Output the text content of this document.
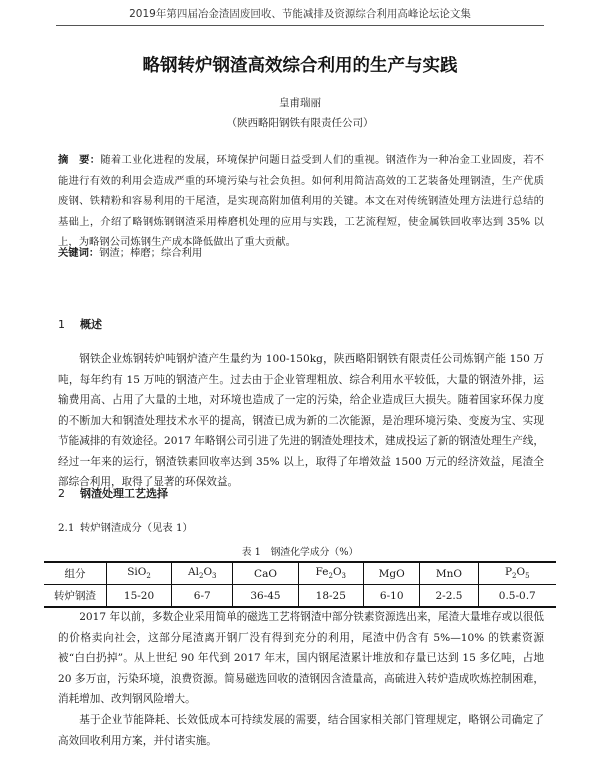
2019年第四届冶金渣固废回收、节能减排及资源综合利用高峰论坛论文集
略钢转炉钢渣高效综合利用的生产与实践
皇甫瑞丽
（陕西略阳钢铁有限责任公司）
摘　要：随着工业化进程的发展，环境保护问题日益受到人们的重视。钢渣作为一种冶金工业固废，若不能进行有效的利用会造成严重的环境污染与社会负担。如何利用简洁高效的工艺装备处理钢渣，生产优质废钢、铁精粉和容易利用的干尾渣，是实现高附加值利用的关键。本文在对传统钢渣处理方法进行总结的基础上，介绍了略钢炼钢钢渣采用棒磨机处理的应用与实践，工艺流程短，使金属铁回收率达到 35% 以上，为略钢公司炼钢生产成本降低做出了重大贡献。
关键词：钢渣；棒磨；综合利用
1 概述
钢铁企业炼钢转炉吨钢炉渣产生量约为 100-150kg，陕西略阳钢铁有限责任公司炼钢产能 150 万吨，每年约有 15 万吨的钢渣产生。过去由于企业管理粗放、综合利用水平较低，大量的钢渣外排，运输费用高、占用了大量的土地，对环境也造成了一定的污染，给企业造成巨大损失。随着国家环保力度的不断加大和钢渣处理技术水平的提高，钢渣已成为新的二次能源，是治理环境污染、变废为宝、实现节能减排的有效途径。2017 年略钢公司引进了先进的钢渣处理技术，建成投运了新的钢渣处理生产线，经过一年来的运行，钢渣铁素回收率达到 35% 以上，取得了年增效益 1500 万元的经济效益，尾渣全部综合利用，取得了显著的环保效益。
2 钢渣处理工艺选择
2.1 转炉钢渣成分（见表 1）
表 1　钢渣化学成分（%）
组分	SiO$_2$	$Al_2O_3$	CaO	$Fe_2O_3$	MgO	MnO	$P_2O_5$
转炉钢渣	15-20	6-7	36-45	18-25	6-10	2-2.5	0.5-0.7
2017 年以前，多数企业采用简单的磁选工艺将钢渣中部分铁素资源选出来，尾渣大量堆存或以很低的价格卖向社会，这部分尾渣离开钢厂没有得到充分的利用，尾渣中仍含有 5%—10% 的铁素资源被“白白扔掉”。从上世纪 90 年代到 2017 年末，国内钢尾渣累计堆放和存量已达到 15 多亿吨，占地 20 多万亩，污染环境，浪费资源。简易磁选回收的渣钢因含渣量高，高硫进入转炉造成吹炼控制困难，消耗增加、改判钢风险增大。
基于企业节能降耗、长效低成本可持续发展的需要，结合国家相关部门管理规定，略钢公司确定了高效回收利用方案，并付诸实施。
